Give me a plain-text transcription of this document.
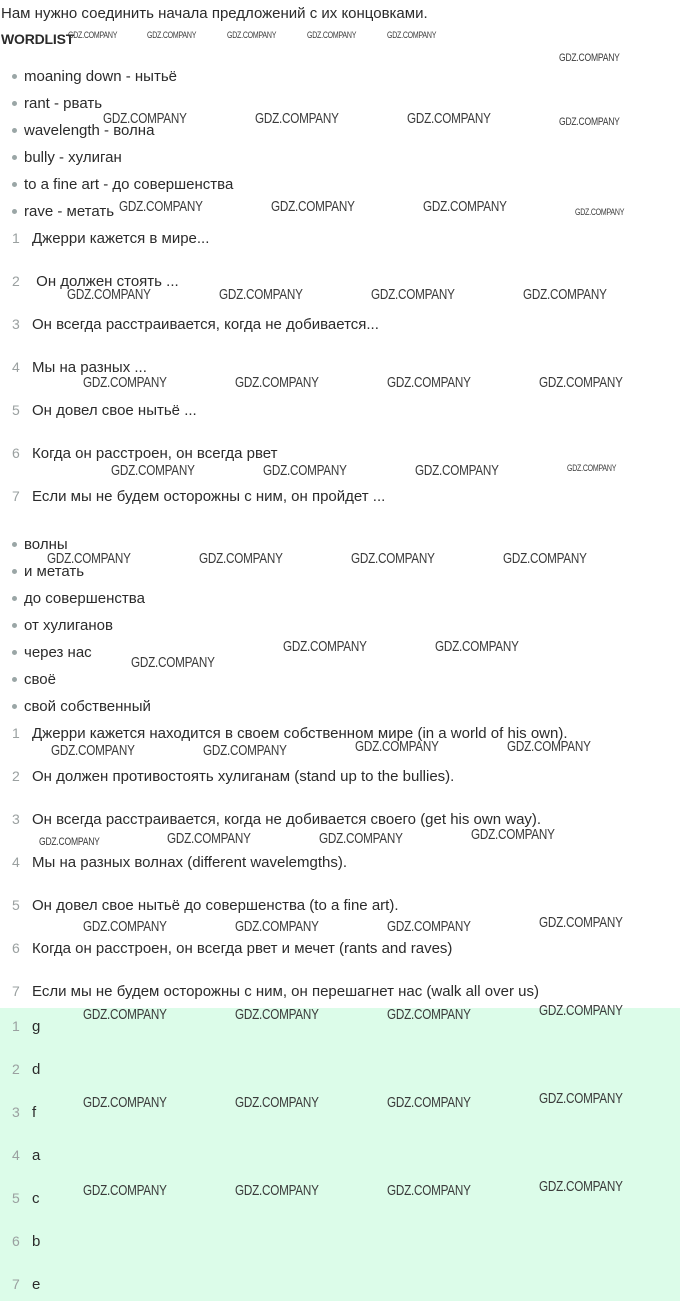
Нам нужно соединить начала предложений с их концовками.
WORDLIST
moaning down - нытьё
rant - рвать
wavelength - волна
bully - хулиган
to a fine art - до совершенства
rave - метать
1 Джерри кажется в мире...
2 Он должен стоять ...
3 Он всегда расстраивается, когда не добивается...
4 Мы на разных ...
5 Он довел свое нытьё ...
6 Когда он расстроен, он всегда рвет
7 Если мы не будем осторожны с ним, он пройдет ...
волны
и метать
до совершенства
от хулиганов
через нас
своё
свой собственный
1 Джерри кажется находится в своем собственном мире (in a world of his own).
2 Он должен противостоять хулиганам (stand up to the bullies).
3 Он всегда расстраивается, когда не добивается своего (get his own way).
4 Мы на разных волнах (different wavelemgths).
5 Он довел свое нытьё до совершенства (to a fine art).
6 Когда он расстроен, он всегда рвет и мечет (rants and raves)
7 Если мы не будем осторожны с ним, он перешагнет нас (walk all over us)
1 g
2 d
3 f
4 a
5 c
6 b
7 e
GDZ.COMPANY	GDZ.COMPANY	GDZ.COMPANY	GDZ.COMPANY	GDZ.COMPANY
GDZ.COMPANY
GDZ.COMPANY	GDZ.COMPANY	GDZ.COMPANY	GDZ.COMPANY
GDZ.COMPANY	GDZ.COMPANY	GDZ.COMPANY	GDZ.COMPANY
GDZ.COMPANY	GDZ.COMPANY	GDZ.COMPANY	GDZ.COMPANY
GDZ.COMPANY	GDZ.COMPANY	GDZ.COMPANY	GDZ.COMPANY
GDZ.COMPANY	GDZ.COMPANY	GDZ.COMPANY	GDZ.COMPANY
GDZ.COMPANY	GDZ.COMPANY	GDZ.COMPANY	GDZ.COMPANY
GDZ.COMPANY
GDZ.COMPANY	GDZ.COMPANY
GDZ.COMPANY	GDZ.COMPANY	GDZ.COMPANY	GDZ.COMPANY
GDZ.COMPANY	GDZ.COMPANY	GDZ.COMPANY	GDZ.COMPANY
GDZ.COMPANY	GDZ.COMPANY	GDZ.COMPANY	GDZ.COMPANY
GDZ.COMPANY	GDZ.COMPANY	GDZ.COMPANY	GDZ.COMPANY
GDZ.COMPANY	GDZ.COMPANY	GDZ.COMPANY	GDZ.COMPANY
GDZ.COMPANY	GDZ.COMPANY	GDZ.COMPANY	GDZ.COMPANY
